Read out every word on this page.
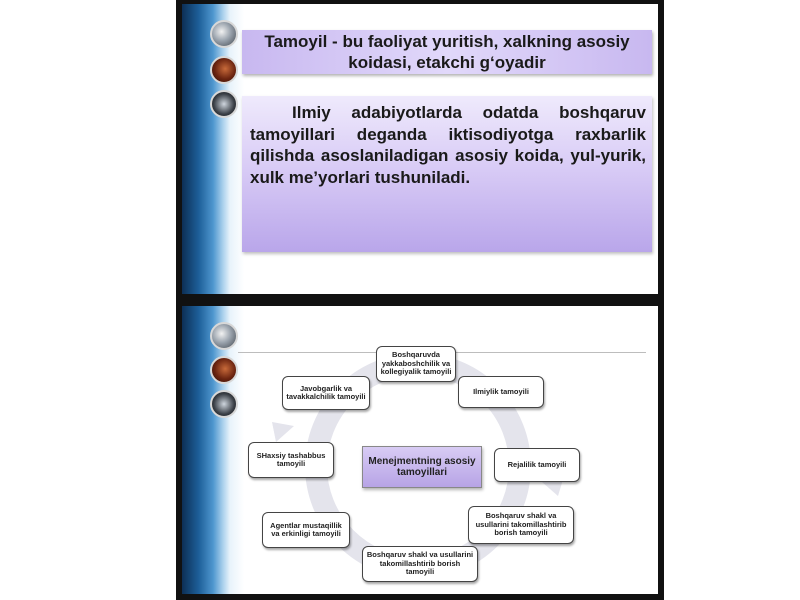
Tamoyil - bu faoliyat yuritish, xalkning asosiy koidasi, etakchi g‘oyadir

Ilmiy adabiyotlarda odatda boshqaruv tamoyillari deganda iktisodiyotga raxbarlik qilishda asoslaniladigan asosiy koida, yul-yurik, xulk me’yorlari tushuniladi.

Menejmentning asosiy tamoyillari
Boshqaruvda yakkaboshchilik va kollegiyalik tamoyili
Ilmiylik tamoyili
Rejalilik tamoyili
Boshqaruv shakl va usullarini takomillashtirib borish tamoyili
Boshqaruv shakl va usullarini takomillashtirib borish tamoyili
Agentlar mustaqillik va erkinligi tamoyili
SHaxsiy tashabbus tamoyili
Javobgarlik va tavakkalchilik tamoyili
